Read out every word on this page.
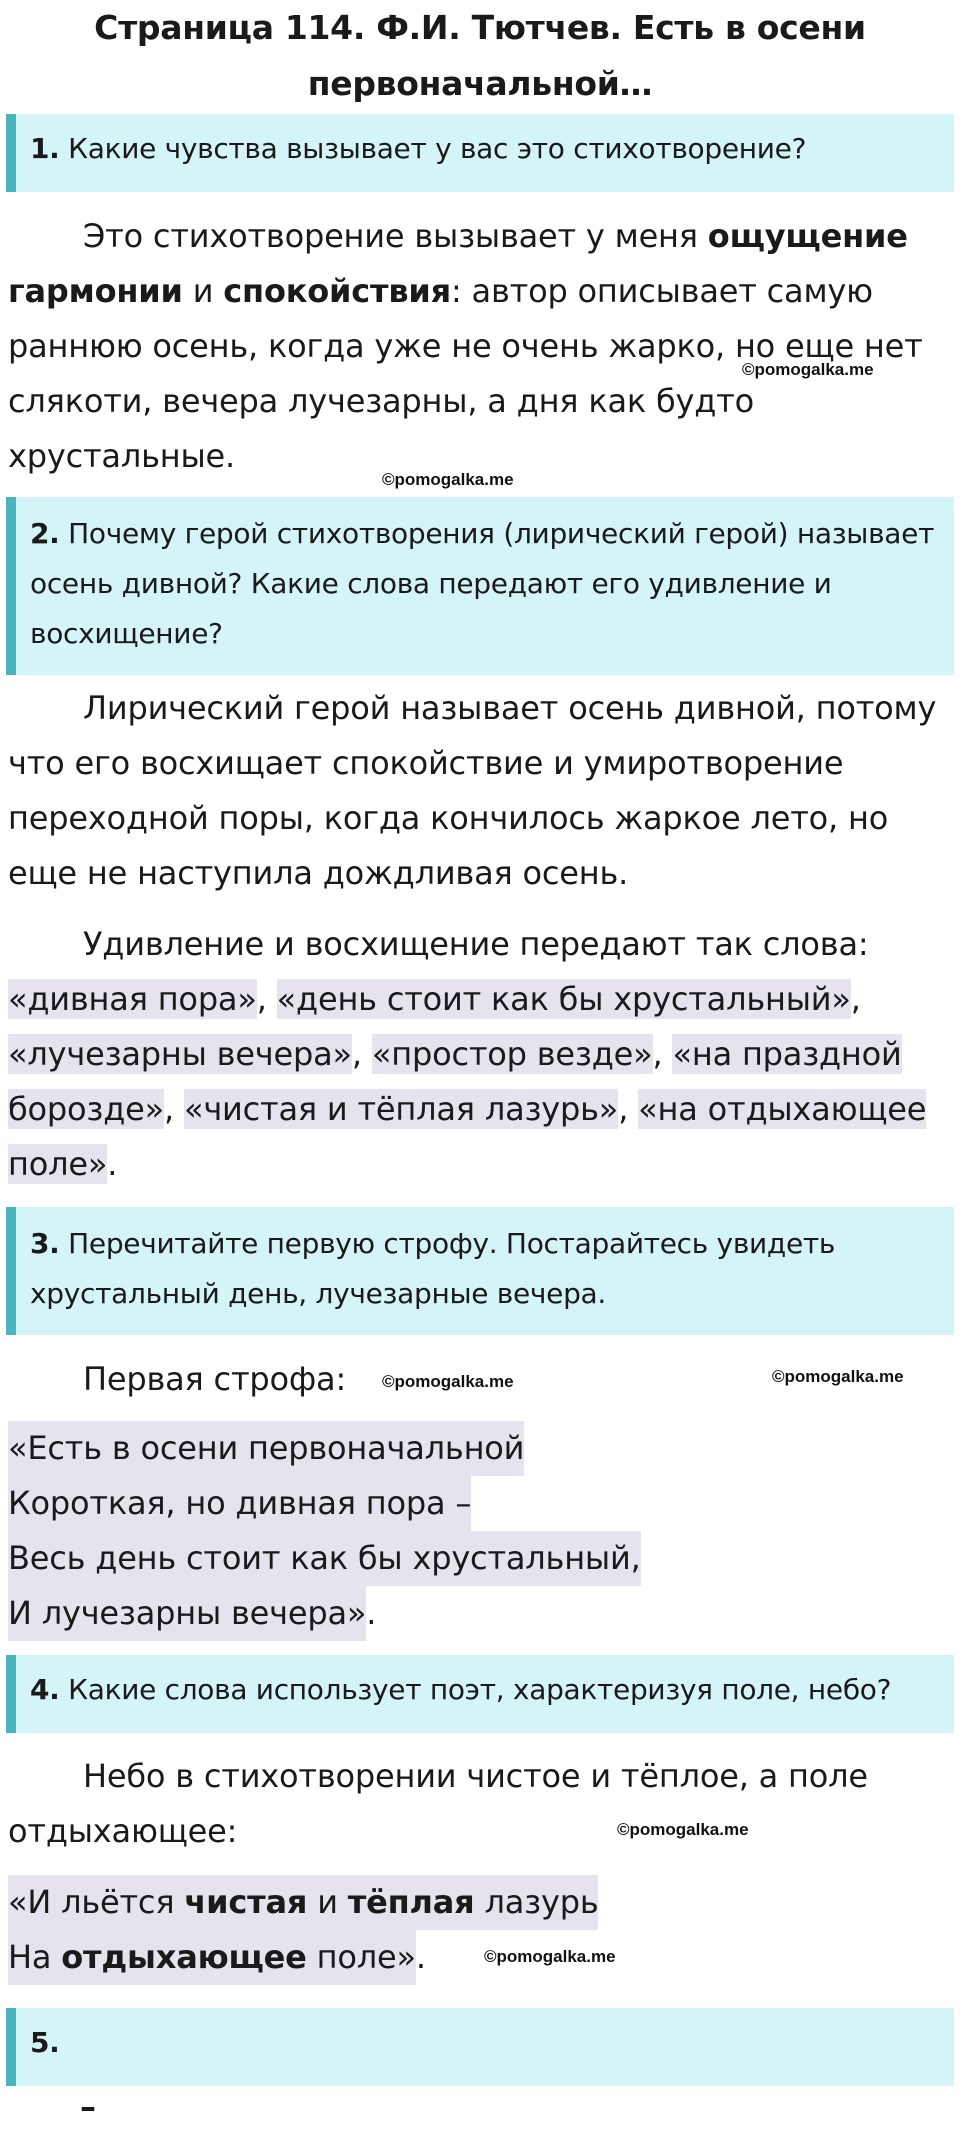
Страница 114. Ф.И. Тютчев. Есть в осени
первоначальной…
1. Какие чувства вызывает у вас это стихотворение?
Это стихотворение вызывает у меня ощущение гармонии и спокойствия: автор описывает самую раннюю осень, когда уже не очень жарко, но еще нет слякоти, вечера лучезарны, а дня как будто хрустальные.
©pomogalka.me
©pomogalka.me
2. Почему герой стихотворения (лирический герой) называет осень дивной? Какие слова передают его удивление и восхищение?
Лирический герой называет осень дивной, потому что его восхищает спокойствие и умиротворение переходной поры, когда кончилось жаркое лето, но еще не наступила дождливая осень.
Удивление и восхищение передают так слова: «дивная пора», «день стоит как бы хрустальный», «лучезарны вечера», «простор везде», «на праздной борозде», «чистая и тёплая лазурь», «на отдыхающее поле».
3. Перечитайте первую строфу. Постарайтесь увидеть хрустальный день, лучезарные вечера.
Первая строфа:	©pomogalka.me	©pomogalka.me
«Есть в осени первоначальной
Короткая, но дивная пора –
Весь день стоит как бы хрустальный,
И лучезарны вечера».
4. Какие слова использует поэт, характеризуя поле, небо?
Небо в стихотворении чистое и тёплое, а поле отдыхающее:	©pomogalka.me
«И льётся чистая и тёплая лазурь
На отдыхающее поле».	©pomogalka.me
5.
–
